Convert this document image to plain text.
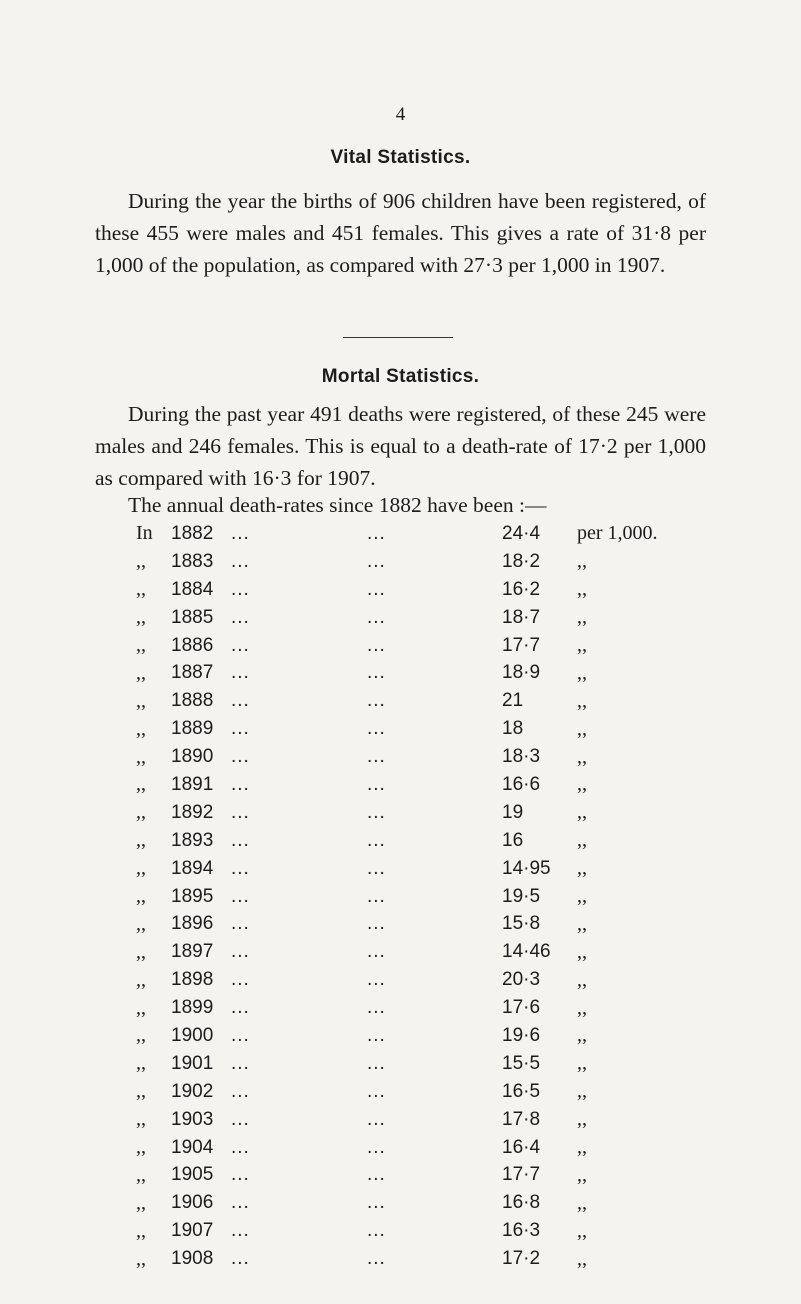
4
Vital Statistics.

During the year the births of 906 children have been registered, of these 455 were males and 451 females. This gives a rate of 31·8 per 1,000 of the population, as compared with 27·3 per 1,000 in 1907.

Mortal Statistics.

During the past year 491 deaths were registered, of these 245 were males and 246 females. This is equal to a death-rate of 17·2 per 1,000 as compared with 16·3 for 1907.

The annual death-rates since 1882 have been :—

In	1882	...	...	24·4	per 1,000.
,,	1883	...	...	18·2	,,
,,	1884	...	...	16·2	,,
,,	1885	...	...	18·7	,,
,,	1886	...	...	17·7	,,
,,	1887	...	...	18·9	,,
,,	1888	...	...	21	,,
,,	1889	...	...	18	,,
,,	1890	...	...	18·3	,,
,,	1891	...	...	16·6	,,
,,	1892	...	...	19	,,
,,	1893	...	...	16	,,
,,	1894	...	...	14·95	,,
,,	1895	...	...	19·5	,,
,,	1896	...	...	15·8	,,
,,	1897	...	...	14·46	,,
,,	1898	...	...	20·3	,,
,,	1899	...	...	17·6	,,
,,	1900	...	...	19·6	,,
,,	1901	...	...	15·5	,,
,,	1902	...	...	16·5	,,
,,	1903	...	...	17·8	,,
,,	1904	...	...	16·4	,,
,,	1905	...	...	17·7	,,
,,	1906	...	...	16·8	,,
,,	1907	...	...	16·3	,,
,,	1908	...	...	17·2	,,
